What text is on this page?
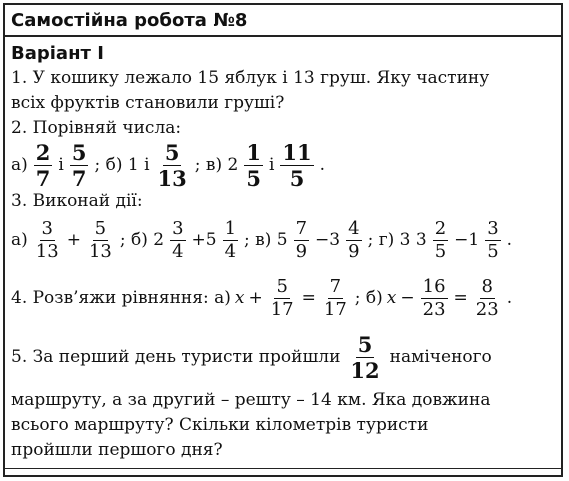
Самостійна робота №8
Варіант I
1. У кошику лежало 15 яблук і 13 груш. Яку частину
всіх фруктів становили груші?
2. Порівняй числа:
$а) \frac{2}{7}$ і $\frac{5}{7}$ ; б) 1 і $\frac{5}{13}$ ; в) $2 \frac{1}{5}$ і $\frac{11}{5}$ .
3. Виконай дії:
$а) \frac{3}{13} + \frac{5}{13}$ ; б) $2 \frac{3}{4} +5 \frac{1}{4}$ ; в) $5 \frac{7}{9} -3 \frac{4}{9}$ ; г) 3 $3 \frac{2}{5} -1 \frac{3}{5}$ .
4. Розв’яжи рівняння: а) $x + \frac{5}{17} = \frac{7}{17}$ ; б) $x - \frac{16}{23} = \frac{8}{23}$ .
5. За перший день туристи пройшли $\frac{5}{12}$ наміченого
маршруту, а за другий – решту – 14 км. Яка довжина
всього маршруту? Скільки кілометрів туристи
пройшли першого дня?
